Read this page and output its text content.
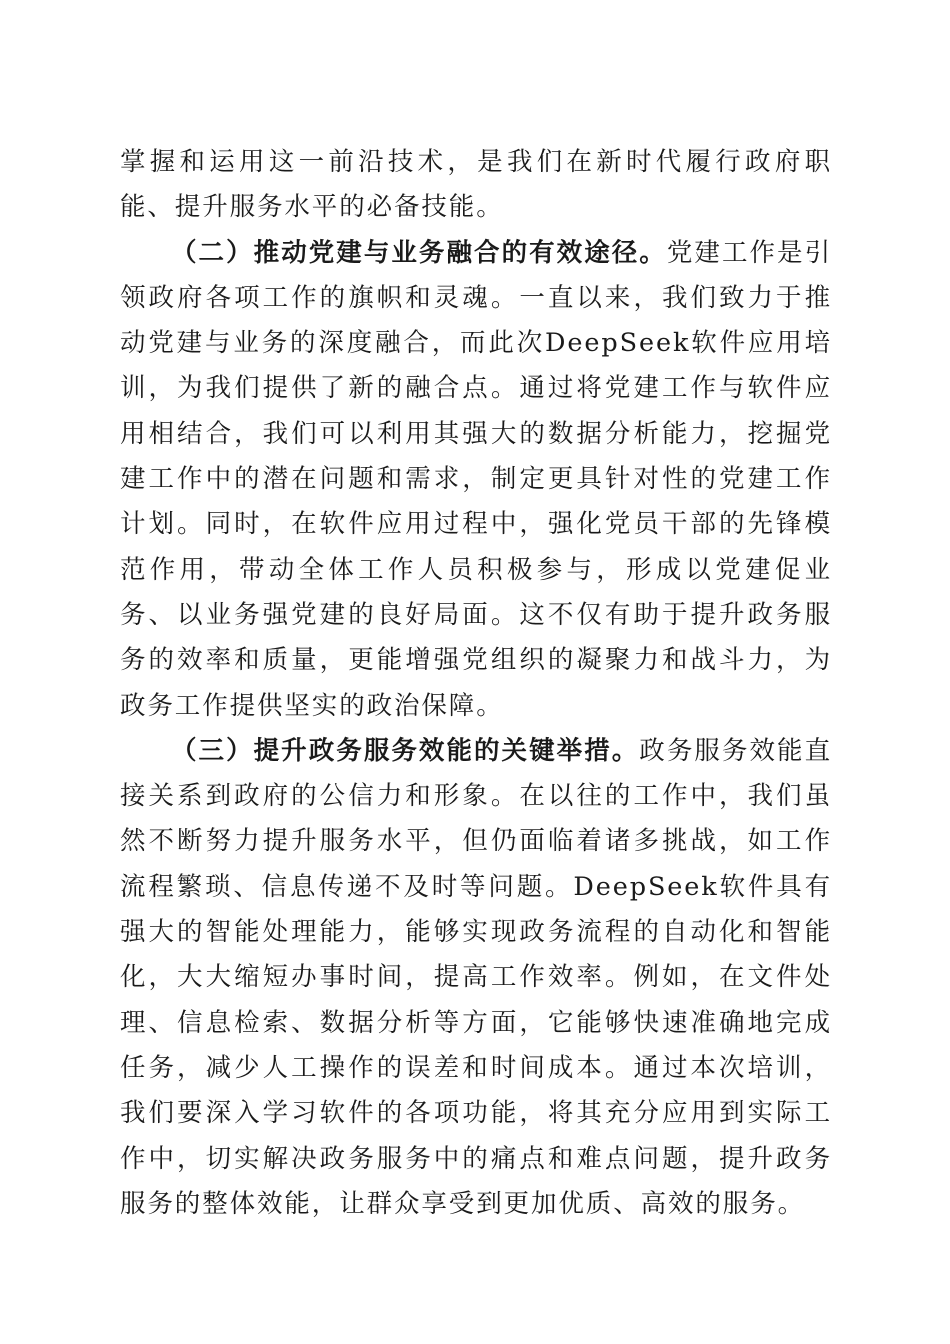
掌握和运用这一前沿技术，是我们在新时代履行政府职能、提升服务水平的必备技能。

（二）推动党建与业务融合的有效途径。党建工作是引领政府各项工作的旗帜和灵魂。一直以来，我们致力于推动党建与业务的深度融合，而此次DeepSeek软件应用培训，为我们提供了新的融合点。通过将党建工作与软件应用相结合，我们可以利用其强大的数据分析能力，挖掘党建工作中的潜在问题和需求，制定更具针对性的党建工作计划。同时，在软件应用过程中，强化党员干部的先锋模范作用，带动全体工作人员积极参与，形成以党建促业务、以业务强党建的良好局面。这不仅有助于提升政务服务的效率和质量，更能增强党组织的凝聚力和战斗力，为政务工作提供坚实的政治保障。

（三）提升政务服务效能的关键举措。政务服务效能直接关系到政府的公信力和形象。在以往的工作中，我们虽然不断努力提升服务水平，但仍面临着诸多挑战，如工作流程繁琐、信息传递不及时等问题。DeepSeek软件具有强大的智能处理能力，能够实现政务流程的自动化和智能化，大大缩短办事时间，提高工作效率。例如，在文件处理、信息检索、数据分析等方面，它能够快速准确地完成任务，减少人工操作的误差和时间成本。通过本次培训，我们要深入学习软件的各项功能，将其充分应用到实际工作中，切实解决政务服务中的痛点和难点问题，提升政务服务的整体效能，让群众享受到更加优质、高效的服务。
